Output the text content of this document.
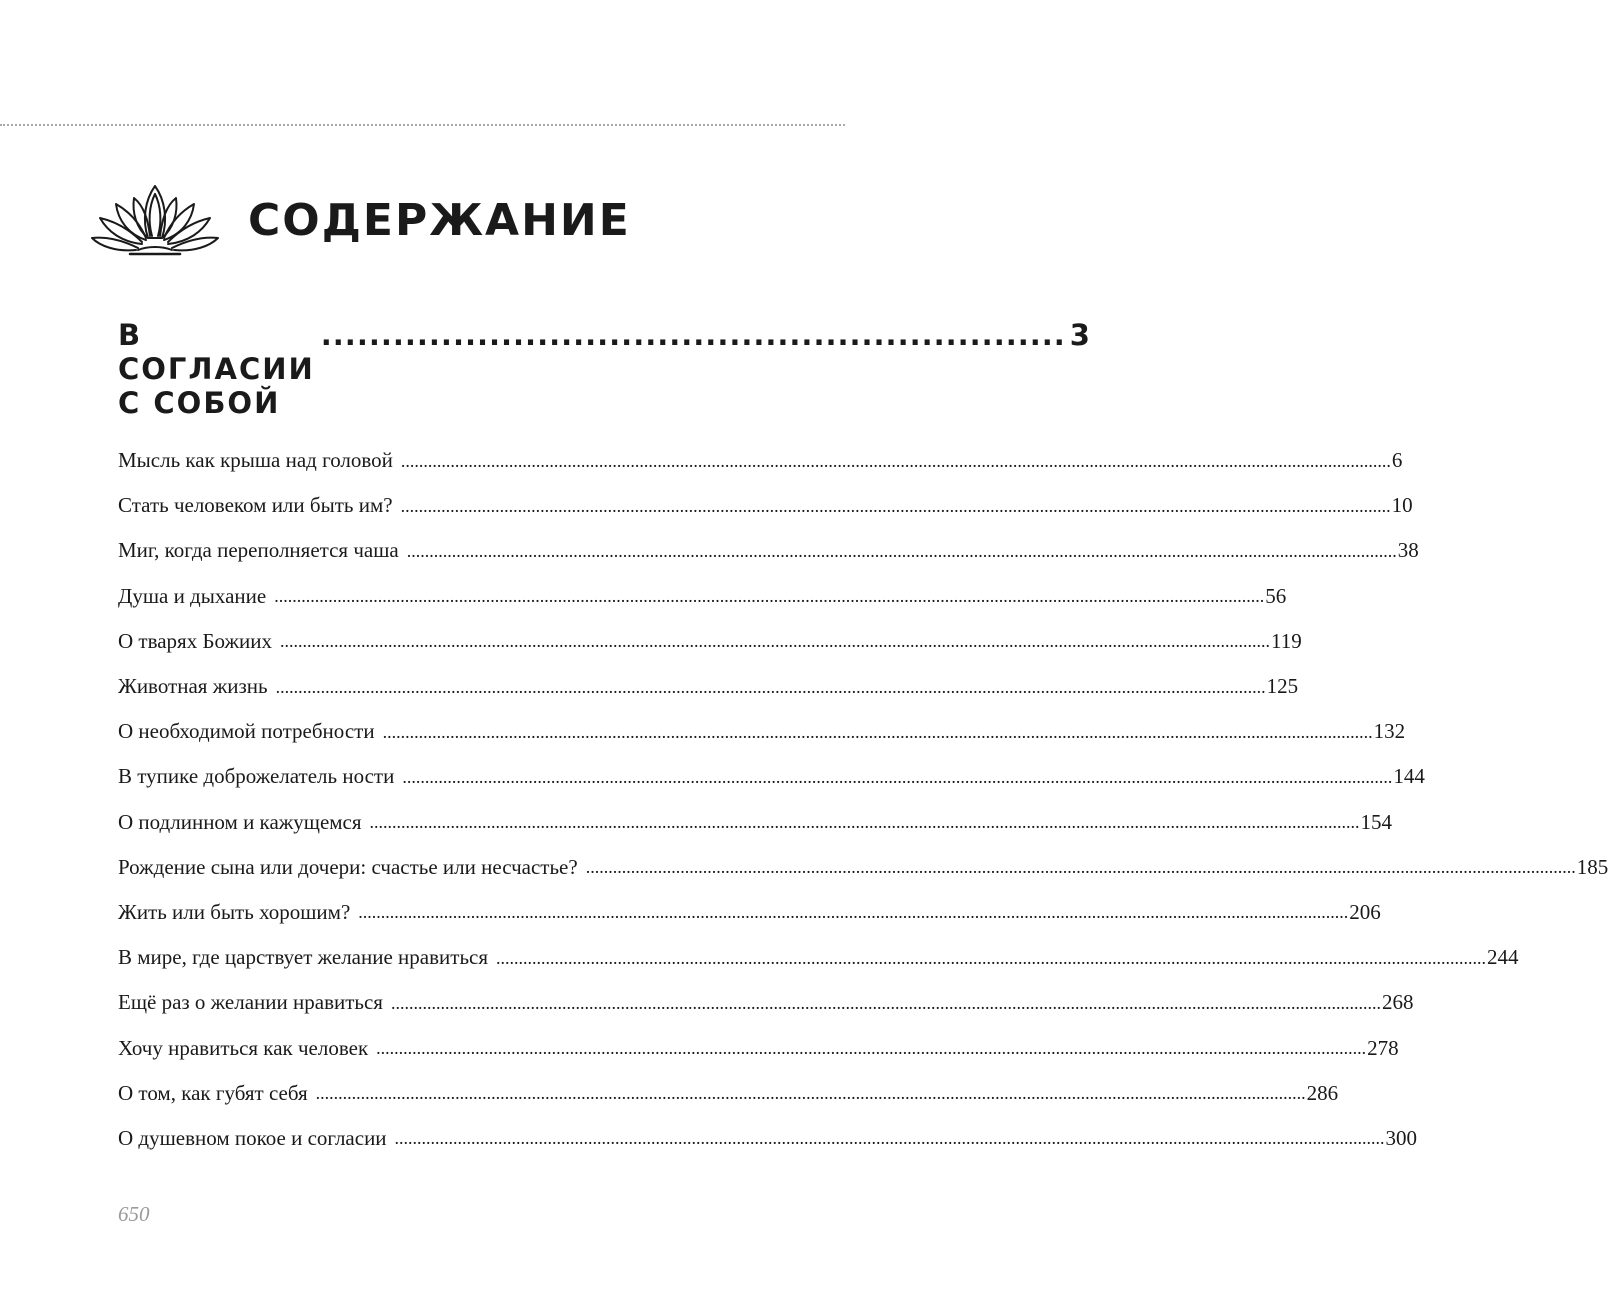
СОДЕРЖАНИЕ
В СОГЛАСИИ С СОБОЙ
.............................................................. 3
Мысль как крыша над головой ............................................................................................................................................................................................................................ 6
Стать человеком или быть им? ............................................................................................................................................................................................................................ 10
Миг, когда переполняется чаша ............................................................................................................................................................................................................................ 38
Душа и дыхание ............................................................................................................................................................................................................................ 56
О тварях Божиих ............................................................................................................................................................................................................................ 119
Животная жизнь ............................................................................................................................................................................................................................ 125
О необходимой потребности ............................................................................................................................................................................................................................ 132
В тупике доброжелатель ности ............................................................................................................................................................................................................................ 144
О подлинном и кажущемся ............................................................................................................................................................................................................................ 154
Рождение сына или дочери: счастье или несчастье? ............................................................................................................................................................................................................................ 185
Жить или быть хорошим? ............................................................................................................................................................................................................................ 206
В мире, где царствует желание нравиться ............................................................................................................................................................................................................................ 244
Ещё раз о желании нравиться ............................................................................................................................................................................................................................ 268
Хочу нравиться как человек ............................................................................................................................................................................................................................ 278
О том, как губят себя ............................................................................................................................................................................................................................ 286
О душевном покое и согласии ............................................................................................................................................................................................................................ 300
650
